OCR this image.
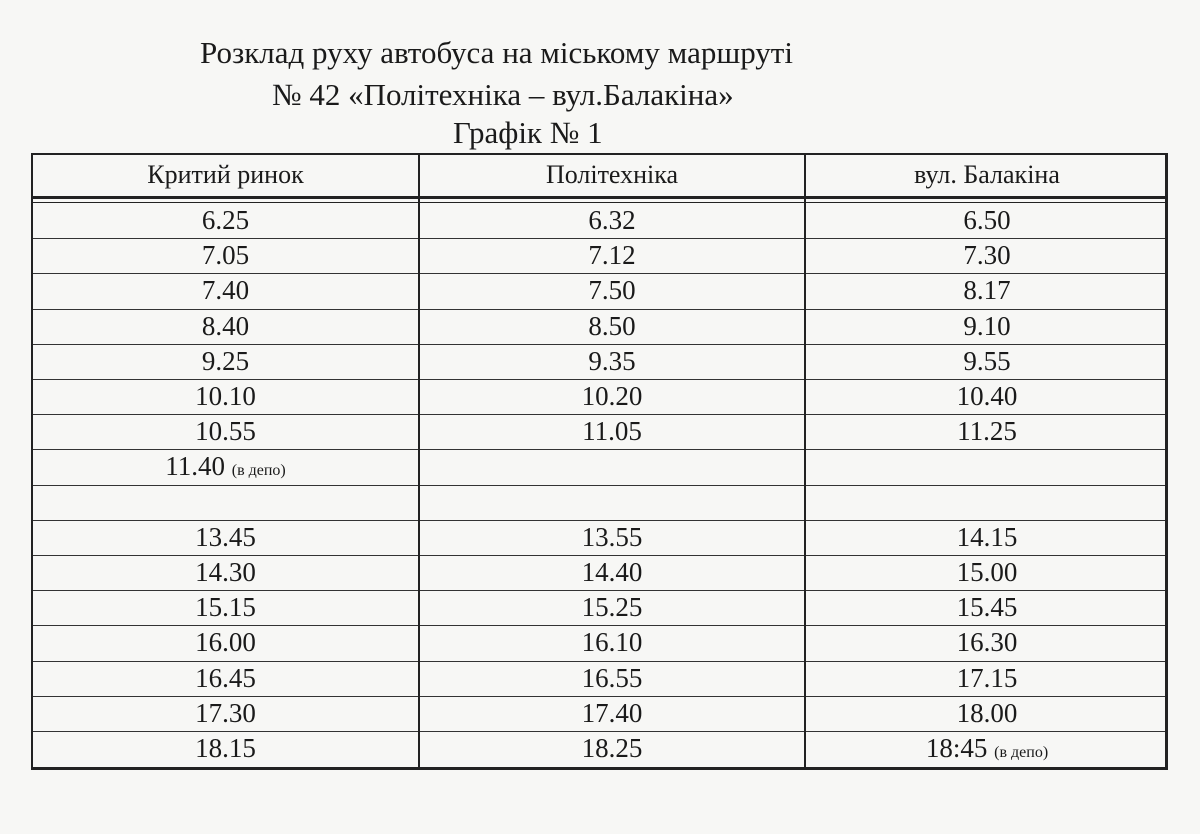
Розклад руху автобуса на міському маршруті
№ 42 «Політехніка – вул.Балакіна»
Графік № 1
Критий ринок	Політехніка	вул. Балакіна
6.25	6.32	6.50
7.05	7.12	7.30
7.40	7.50	8.17
8.40	8.50	9.10
9.25	9.35	9.55
10.10	10.20	10.40
10.55	11.05	11.25
11.40 (в депо)
13.45	13.55	14.15
14.30	14.40	15.00
15.15	15.25	15.45
16.00	16.10	16.30
16.45	16.55	17.15
17.30	17.40	18.00
18.15	18.25	18:45 (в депо)
